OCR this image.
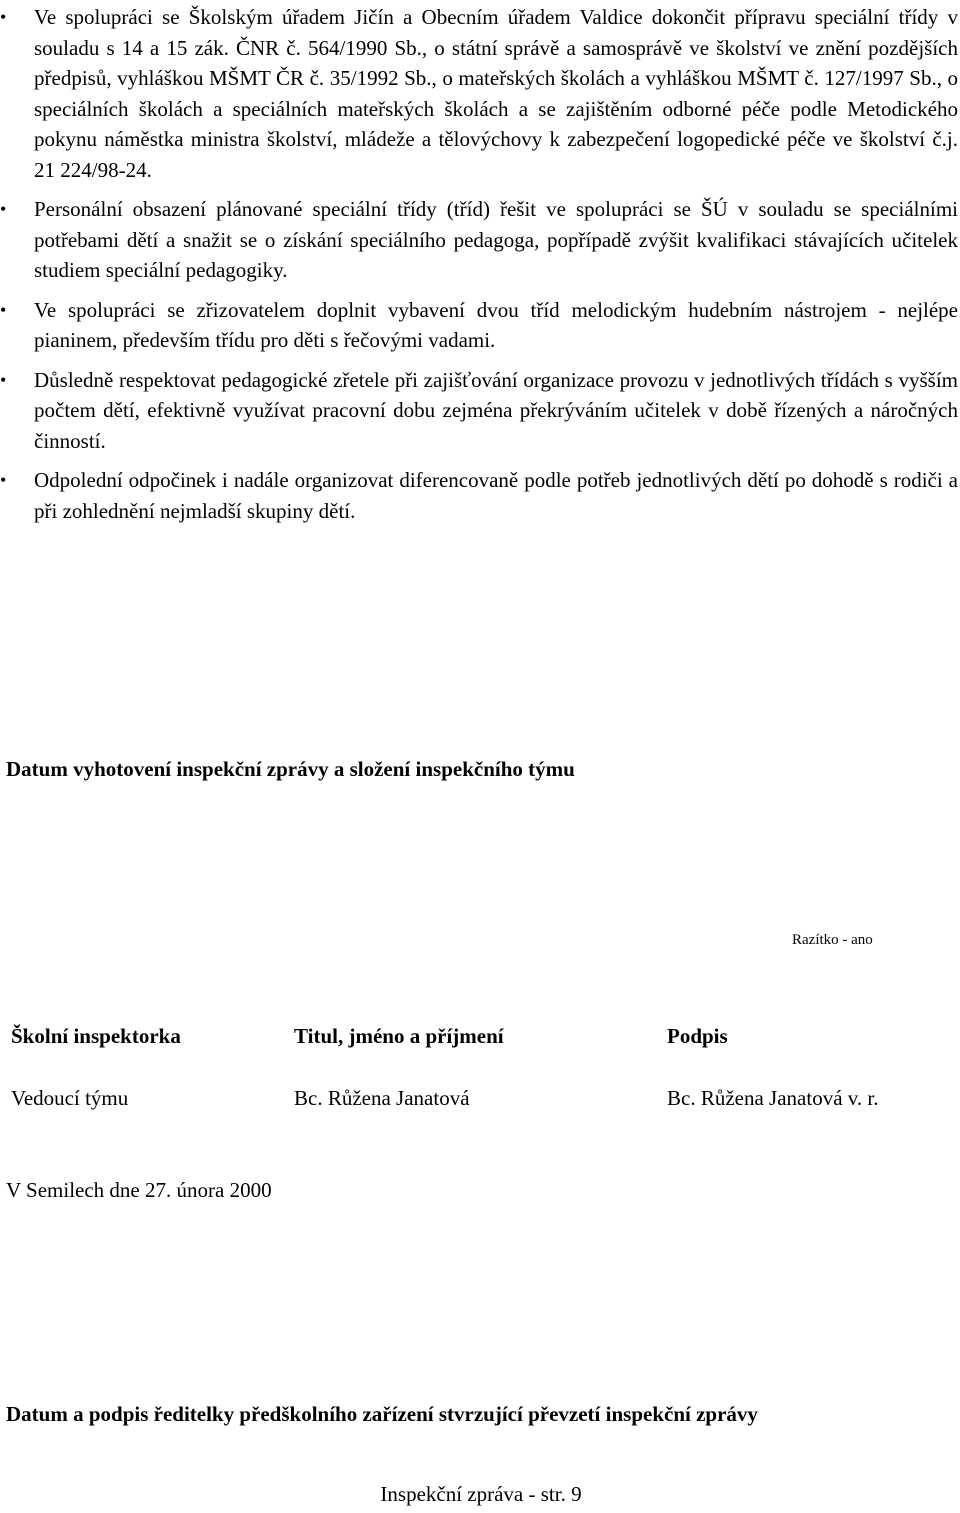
•	Ve spolupráci se Školským úřadem Jičín a Obecním úřadem Valdice dokončit přípravu speciální třídy v souladu s 14 a 15 zák. ČNR č. 564/1990 Sb., o státní správě a samosprávě ve školství ve znění pozdějších předpisů, vyhláškou MŠMT ČR č. 35/1992 Sb., o mateřských školách a vyhláškou MŠMT č. 127/1997 Sb., o speciálních školách a speciálních mateřských školách a se zajištěním odborné péče podle Metodického pokynu náměstka ministra školství, mládeže a tělovýchovy k zabezpečení logopedické péče ve školství č.j. 21 224/98-24.
•	Personální obsazení plánované speciální třídy (tříd) řešit ve spolupráci se ŠÚ v souladu se speciálními potřebami dětí a snažit se o získání speciálního pedagoga, popřípadě zvýšit kvalifikaci stávajících učitelek studiem speciální pedagogiky.
•	Ve spolupráci se zřizovatelem doplnit vybavení dvou tříd melodickým hudebním nástrojem - nejlépe pianinem, především třídu pro děti s řečovými vadami.
•	Důsledně respektovat pedagogické zřetele při zajišťování organizace provozu v jednotlivých třídách s vyšším počtem dětí, efektivně využívat pracovní dobu zejména překrýváním učitelek v době řízených a náročných činností.
•	Odpolední odpočinek i nadále organizovat diferencovaně podle potřeb jednotlivých dětí po dohodě s rodiči a při zohlednění nejmladší skupiny dětí.
Datum vyhotovení inspekční zprávy a složení inspekčního týmu
Razítko - ano
Školní inspektorka	Titul, jméno a příjmení	Podpis
Vedoucí týmu	Bc. Růžena Janatová	Bc. Růžena Janatová v. r.
V Semilech dne 27. února 2000
Datum a podpis ředitelky předškolního zařízení stvrzující převzetí inspekční zprávy
Inspekční zpráva - str. 9
